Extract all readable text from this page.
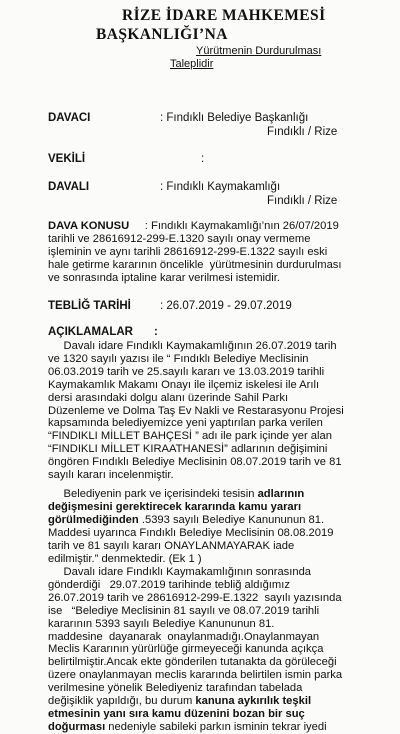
RİZE İDARE MAHKEMESİ
BAŞKANLIĞI’NA
Yürütmenin Durdurulması
Taleplidir
DAVACI	: Fındıklı Belediye Başkanlığı
Fındıklı / Rize
VEKİLİ	:
DAVALI	: Fındıklı Kaymakamlığı
Fındıklı / Rize
DAVA KONUSU : Fındıklı Kaymakamlığı’nın 26/07/2019
tarihli ve 28616912-299-E.1320 sayılı onay vermeme
işleminin ve aynı tarihli 28616912-299-E.1322 sayılı eski
hale getirme kararının öncelikle  yürütmesinin durdurulması
ve sonrasında iptaline karar verilmesi istemidir.
TEBLİĞ TARİHİ	: 26.07.2019 - 29.07.2019
AÇIKLAMALAR :
Davalı idare Fındıklı Kaymakamlığının 26.07.2019 tarih
ve 1320 sayılı yazısı ile “ Fındıklı Belediye Meclisinin
06.03.2019 tarih ve 25.sayılı kararı ve 13.03.2019 tarihli
Kaymakamlık Makamı Onayı ile ilçemiz iskelesi ile Arılı
dersi arasındaki dolgu alanı üzerinde Sahil Parkı
Düzenleme ve Dolma Taş Ev Nakli ve Restarasyonu Projesi
kapsamında belediyemizce yeni yaptırılan parka verilen
“FINDIKLI MİLLET BAHÇESİ ” adı ile park içinde yer alan
“FINDIKLI MİLLET KIRAATHANESİ” adlarının değişimini
öngören Fındıklı Belediye Meclisinin 08.07.2019 tarih ve 81
sayılı kararı incelenmiştir.
Belediyenin park ve içerisindeki tesisin adlarının
değişmesini gerektirecek kararında kamu yararı
görülmediğinden .5393 sayılı Belediye Kanununun 81.
Maddesi uyarınca Fındıklı Belediye Meclisinin 08.08.2019
tarih ve 81 sayılı kararı ONAYLANMAYARAK iade
edilmiştir.” denmektedir. (Ek 1 )
Davalı idare Fındıklı Kaymakamlığının sonrasında
gönderdiği   29.07.2019 tarihinde tebliğ aldığımız
26.07.2019 tarih ve 28616912-299-E.1322  sayılı yazısında
ise   “Belediye Meclisinin 81 sayılı ve 08.07.2019 tarihli
kararının 5393 sayılı Belediye Kanununun 81.
maddesine  dayanarak  onaylanmadığı.Onaylanmayan
Meclis Kararının yürürlüğe girmeyeceği kanunda açıkça
belirtilmiştir.Ancak ekte gönderilen tutanakta da görüleceği
üzere onaylanmayan meclis kararında belirtilen ismin parka
verilmesine yönelik Belediyeniz tarafından tabelada
değişiklik yapıldığı, bu durum kanuna aykırılık teşkil
etmesinin yanı sıra kamu düzenini bozan bir suç
doğurması nedeniyle sabileki parkın isminin tekrar iyedi
